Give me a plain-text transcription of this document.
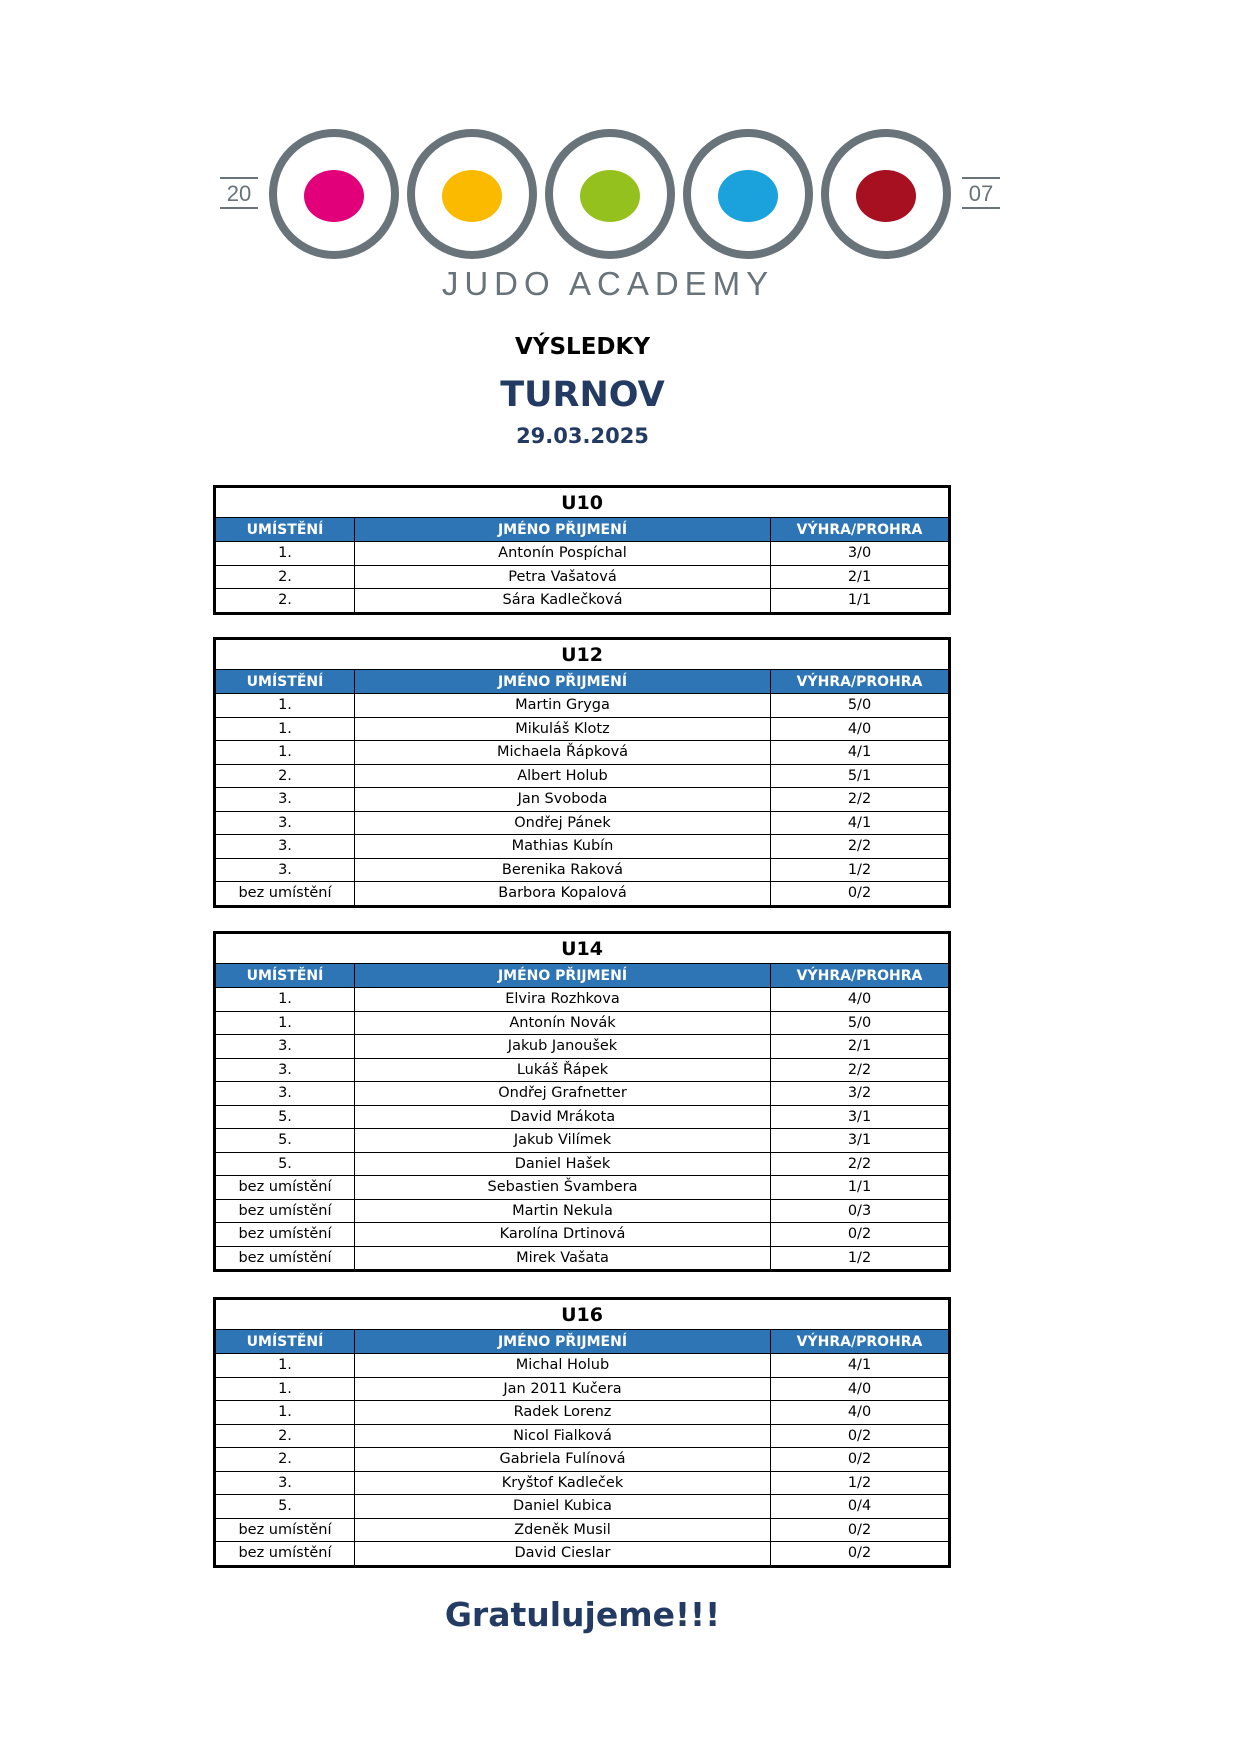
20	07
JUDO ACADEMY
VÝSLEDKY
TURNOV
29.03.2025
U10		
UMÍSTĚNÍ	JMÉNO PŘIJMENÍ	VÝHRA/PROHRA
1.	Antonín Pospíchal	3/0
2.	Petra Vašatová	2/1
2.	Sára Kadlečková	1/1
U12		
UMÍSTĚNÍ	JMÉNO PŘIJMENÍ	VÝHRA/PROHRA
1.	Martin Gryga	5/0
1.	Mikuláš Klotz	4/0
1.	Michaela Řápková	4/1
2.	Albert Holub	5/1
3.	Jan Svoboda	2/2
3.	Ondřej Pánek	4/1
3.	Mathias Kubín	2/2
3.	Berenika Raková	1/2
bez umístění	Barbora Kopalová	0/2
U14		
UMÍSTĚNÍ	JMÉNO PŘIJMENÍ	VÝHRA/PROHRA
1.	Elvira Rozhkova	4/0
1.	Antonín Novák	5/0
3.	Jakub Janoušek	2/1
3.	Lukáš Řápek	2/2
3.	Ondřej Grafnetter	3/2
5.	David Mrákota	3/1
5.	Jakub Vilímek	3/1
5.	Daniel Hašek	2/2
bez umístění	Sebastien Švambera	1/1
bez umístění	Martin Nekula	0/3
bez umístění	Karolína Drtinová	0/2
bez umístění	Mirek Vašata	1/2
U16		
UMÍSTĚNÍ	JMÉNO PŘIJMENÍ	VÝHRA/PROHRA
1.	Michal Holub	4/1
1.	Jan 2011 Kučera	4/0
1.	Radek Lorenz	4/0
2.	Nicol Fialková	0/2
2.	Gabriela Fulínová	0/2
3.	Kryštof Kadleček	1/2
5.	Daniel Kubica	0/4
bez umístění	Zdeněk Musil	0/2
bez umístění	David Cieslar	0/2
Gratulujeme!!!
